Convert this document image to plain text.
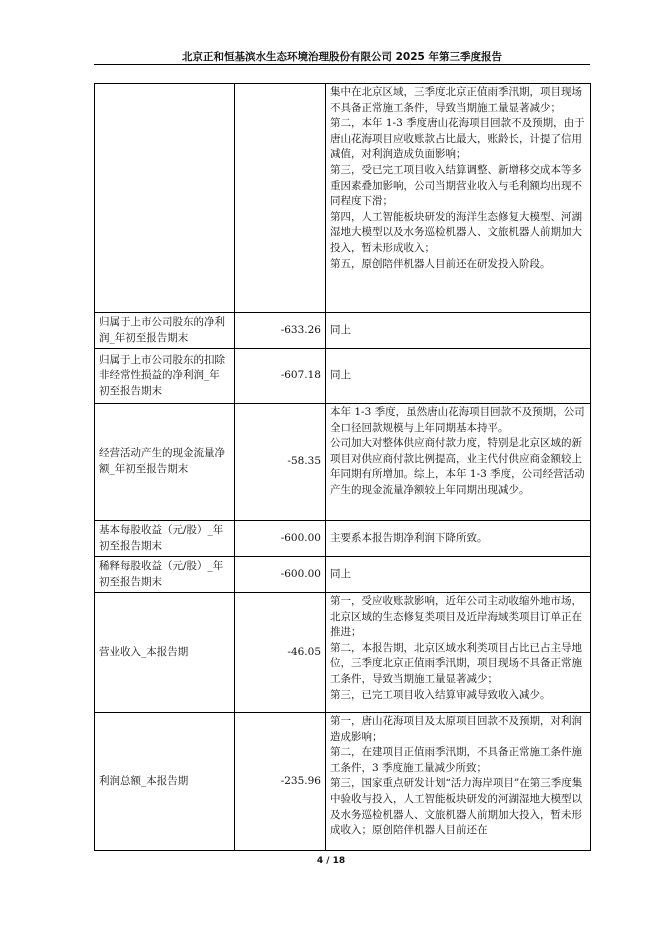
北京正和恒基滨水生态环境治理股份有限公司 2025 年第三季度报告

		集中在北京区域，三季度北京正值雨季汛期，项目现场不具备正常施工条件，导致当期施工量显著减少；
第二，本年 1-3 季度唐山花海项目回款不及预期，由于唐山花海项目应收账款占比最大，账龄长，计提了信用减值，对利润造成负面影响；
第三，受已完工项目收入结算调整、新增移交成本等多重因素叠加影响，公司当期营业收入与毛利额均出现不同程度下滑；
第四，人工智能板块研发的海洋生态修复大模型、河湖湿地大模型以及水务巡检机器人、文旅机器人前期加大投入，暂未形成收入；
第五，原创陪伴机器人目前还在研发投入阶段。

归属于上市公司股东的净利润_年初至报告期末	-633.26	同上
归属于上市公司股东的扣除非经常性损益的净利润_年初至报告期末	-607.18	同上
经营活动产生的现金流量净额_年初至报告期末	-58.35	本年 1-3 季度，虽然唐山花海项目回款不及预期，公司全口径回款规模与上年同期基本持平。
公司加大对整体供应商付款力度，特别是北京区域的新项目对供应商付款比例提高，业主代付供应商金额较上年同期有所增加。综上，本年 1-3 季度，公司经营活动产生的现金流量净额较上年同期出现减少。

基本每股收益（元/股）_年初至报告期末	-600.00	主要系本报告期净利润下降所致。
稀释每股收益（元/股）_年初至报告期末	-600.00	同上
营业收入_本报告期	-46.05	第一，受应收账款影响，近年公司主动收缩外地市场，北京区域的生态修复类项目及近岸海域类项目订单正在推进；
第二，本报告期，北京区域水利类项目占比已占主导地位，三季度北京正值雨季汛期，项目现场不具备正常施工条件，导致当期施工量显著减少；
第三，已完工项目收入结算审减导致收入减少。

利润总额_本报告期	-235.96	第一，唐山花海项目及太原项目回款不及预期，对利润造成影响；
第二，在建项目正值雨季汛期，不具备正常施工条件施工条件，3 季度施工量减少所致；
第三，国家重点研发计划“活力海岸项目”在第三季度集中验收与投入，人工智能板块研发的河湖湿地大模型以及水务巡检机器人、文旅机器人前期加大投入，暂未形成收入；原创陪伴机器人目前还在
4 / 18
